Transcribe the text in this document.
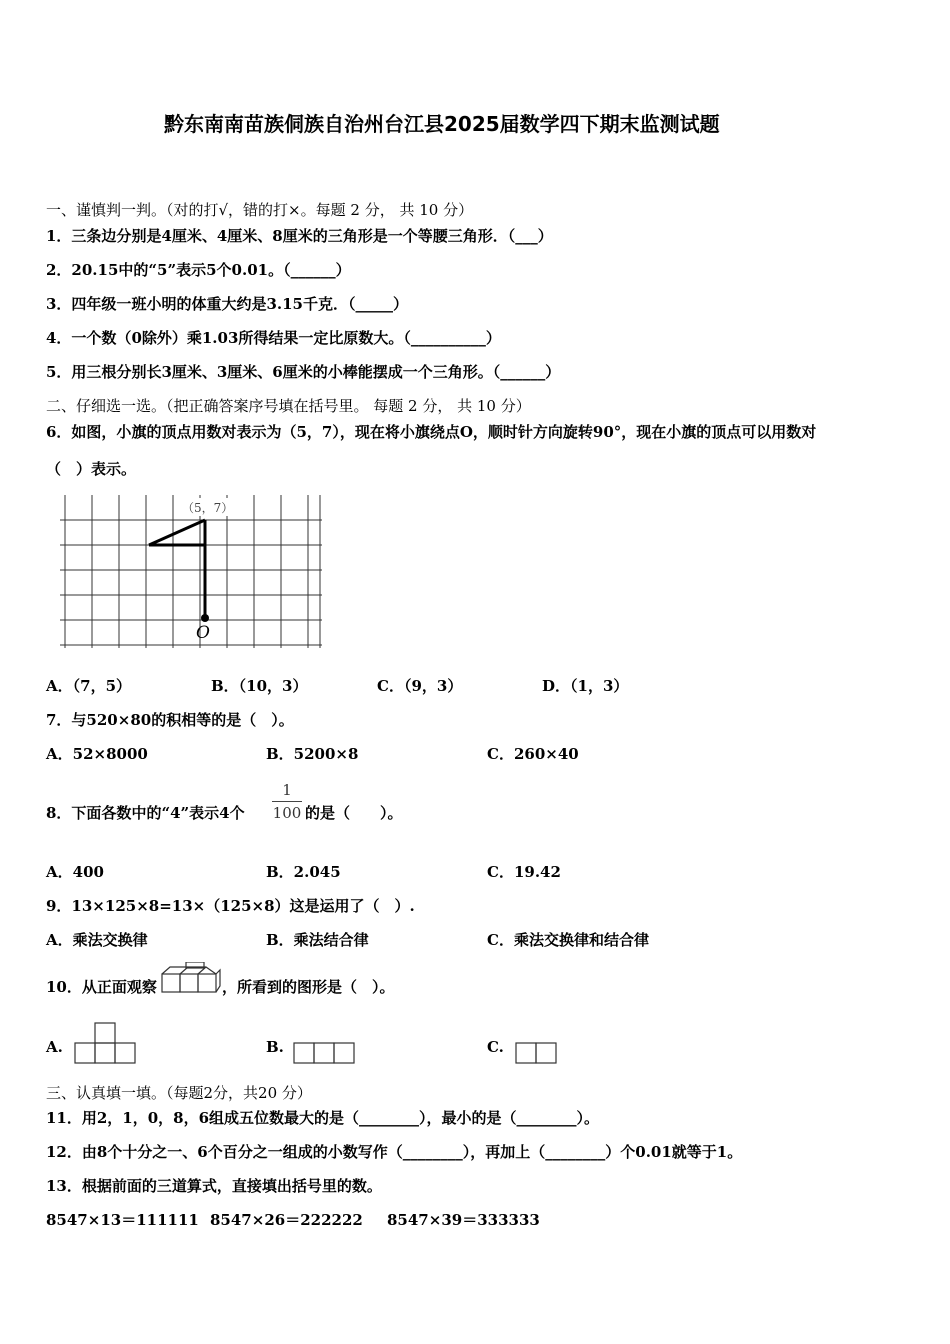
黔东南南苗族侗族自治州台江县2025届数学四下期末监测试题
一、谨慎判一判。（对的打√，错的打×。每题 2 分， 共 10 分）
1．三条边分别是4厘米、4厘米、8厘米的三角形是一个等腰三角形．（___）
2．20.15中的“5”表示5个0.01。（______）
3．四年级一班小明的体重大约是3.15千克．（_____）
4．一个数（0除外）乘1.03所得结果一定比原数大。（__________）
5．用三根分别长3厘米、3厘米、6厘米的小棒能摆成一个三角形。（______）
二、仔细选一选。（把正确答案序号填在括号里。 每题 2 分， 共 10 分）
6．如图，小旗的顶点用数对表示为（5，7），现在将小旗绕点O，顺时针方向旋转90°，现在小旗的顶点可以用数对
（　）表示。
（5，7）
O
A．（7，5）	B．（10，3）	C．（9，3）	D．（1，3）
7．与520×80的积相等的是（　）。
A．52×8000	B．5200×8	C．260×40
8．下面各数中的“4”表示4个
1
100 的是（　　）。
A．400	B．2.045	C．19.42
9．13×125×8=13×（125×8）这是运用了（　）.
A．乘法交换律	B．乘法结合律	C．乘法交换律和结合律
10．从正面观察	，所看到的图形是（　）。
A.	B.	C.
三、认真填一填。（每题2分，共20 分）
11．用2，1，0，8，6组成五位数最大的是（________），最小的是（________）。
12．由8个十分之一、6个百分之一组成的小数写作（________），再加上（________）个0.01就等于1。
13．根据前面的三道算式，直接填出括号里的数。
8547×13＝111111 8547×26＝222222 8547×39＝333333
